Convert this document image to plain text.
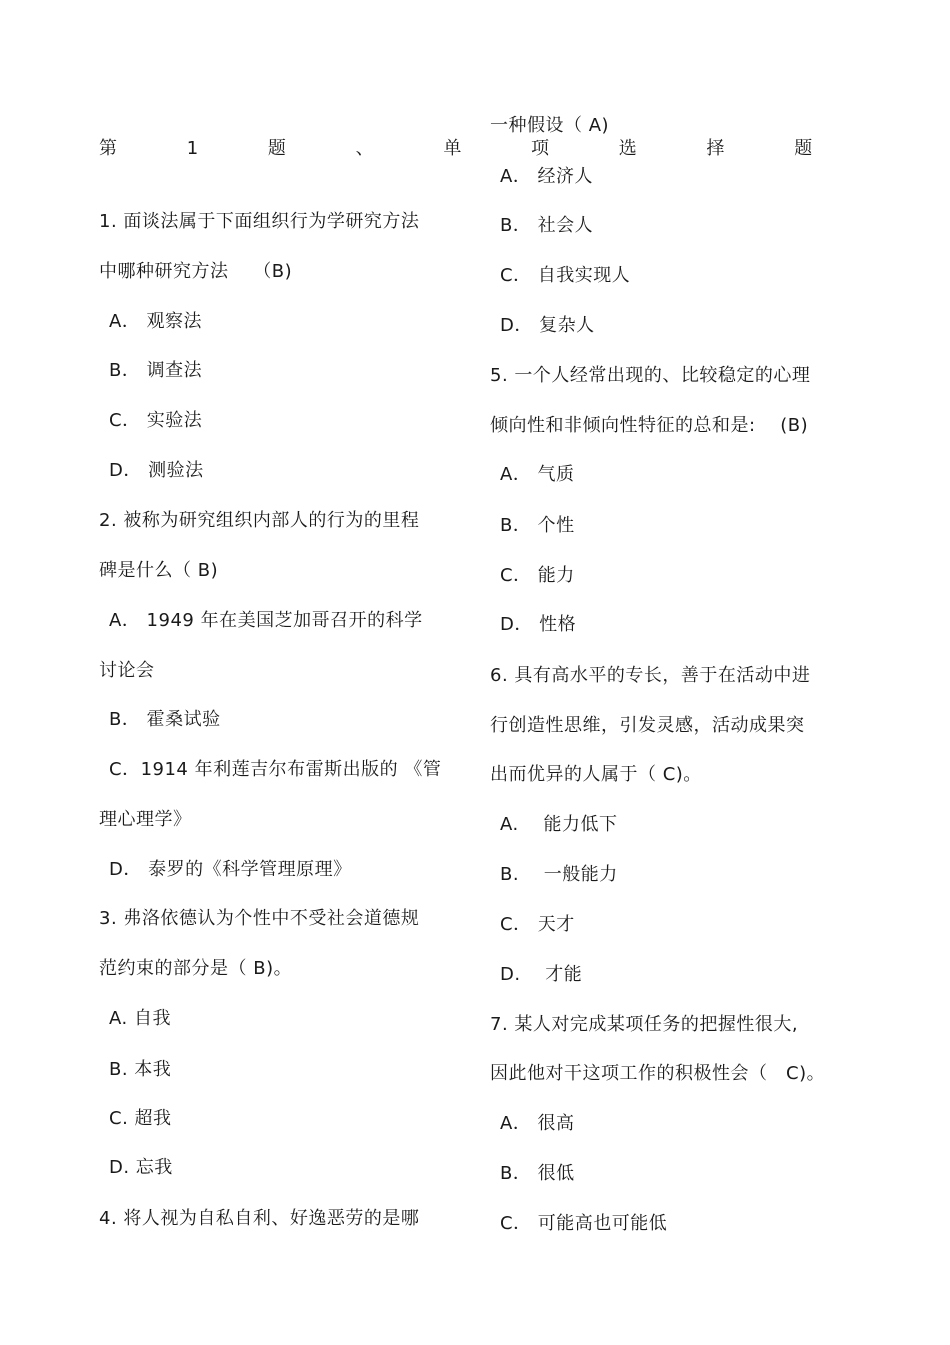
第 1 题 、 单 项 选 择 题
1. 面谈法属于下面组织行为学研究方法
中哪种研究方法　 （B)
A． 观察法
B． 调查法
C． 实验法
D． 测验法
2. 被称为研究组织内部人的行为的里程
碑是什么（ B)
A． 1949 年在美国芝加哥召开的科学
讨论会
B． 霍桑试验
C．1914 年利莲吉尔布雷斯出版的 《管
理心理学》
D． 泰罗的《科学管理原理》
3. 弗洛依德认为个性中不受社会道德规
范约束的部分是（ B)。
A. 自我
B. 本我
C. 超我
D. 忘我
4. 将人视为自私自利、好逸恶劳的是哪
一种假设（ A)
A． 经济人
B． 社会人
C． 自我实现人
D． 复杂人
5. 一个人经常出现的、比较稳定的心理
倾向性和非倾向性特征的总和是:　 (B)
A． 气质
B． 个性
C． 能力
D． 性格
6. 具有高水平的专长，善于在活动中进
行创造性思维，引发灵感，活动成果突
出而优异的人属于（ C)。
A.　 能力低下
B.　 一般能力
C． 天才
D.　 才能
7. 某人对完成某项任务的把握性很大,
因此他对干这项工作的积极性会（　C)。
A． 很高
B． 很低
C． 可能高也可能低
